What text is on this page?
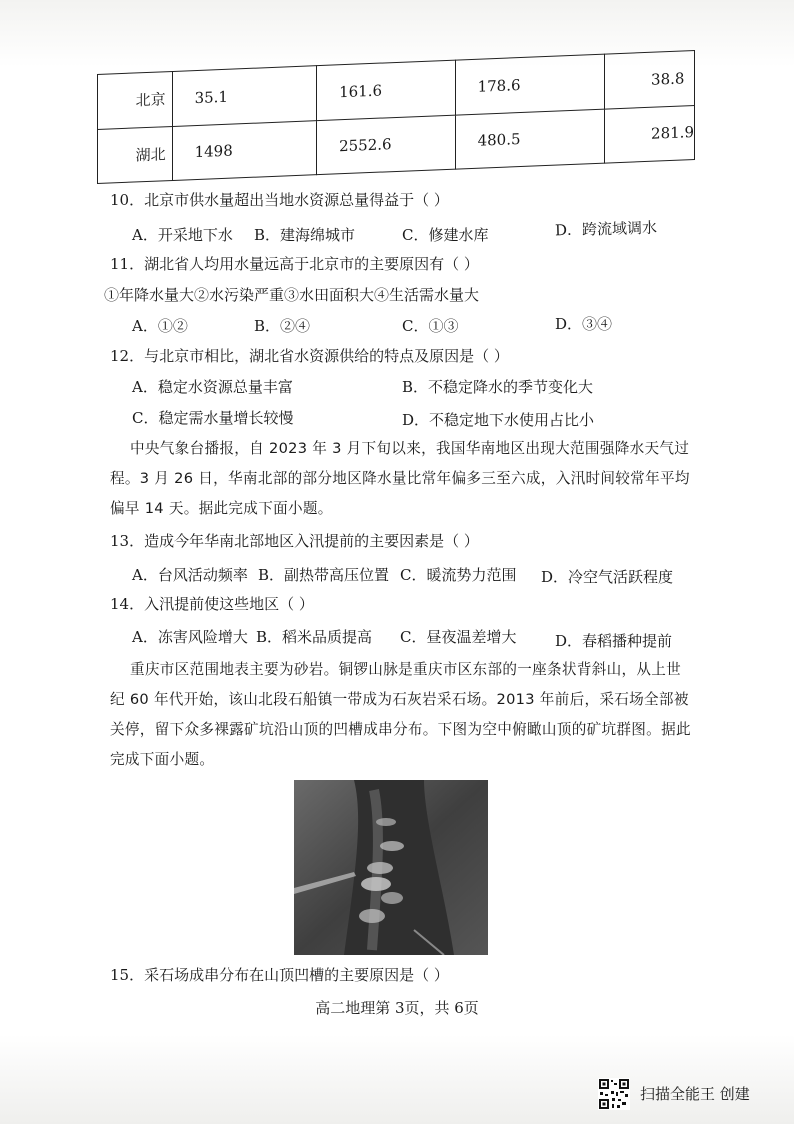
北京	35.1	161.6	178.6	38.8
湖北	1498	2552.6	480.5	281.9
10．北京市供水量超出当地水资源总量得益于（ ）
A．开采地下水 B．建海绵城市	C．修建水库	D．跨流域调水
11．湖北省人均用水量远高于北京市的主要原因有（ ）
①年降水量大②水污染严重③水田面积大④生活需水量大
A．①②	B．②④	C．①③	D．③④
12．与北京市相比，湖北省水资源供给的特点及原因是（ ）
A．稳定水资源总量丰富	B．不稳定降水的季节变化大
C．稳定需水量增长较慢	D．不稳定地下水使用占比小
中央气象台播报，自 2023 年 3 月下旬以来，我国华南地区出现大范围强降水天气过程。3 月 26 日，华南北部的部分地区降水量比常年偏多三至六成，入汛时间较常年平均偏早 14 天。据此完成下面小题。
13．造成今年华南北部地区入汛提前的主要因素是（ ）
A．台风活动频率 B．副热带高压位置 C．暖流势力范围 D．冷空气活跃程度
14．入汛提前使这些地区（ ）
A．冻害风险增大 B．稻米品质提高 C．昼夜温差增大	D．春稻播种提前
重庆市区范围地表主要为砂岩。铜锣山脉是重庆市区东部的一座条状背斜山，从上世纪 60 年代开始，该山北段石船镇一带成为石灰岩采石场。2013 年前后，采石场全部被关停，留下众多裸露矿坑沿山顶的凹槽成串分布。下图为空中俯瞰山顶的矿坑群图。据此完成下面小题。
15．采石场成串分布在山顶凹槽的主要原因是（ ）
高二地理第 3页，共 6页
扫描全能王 创建
